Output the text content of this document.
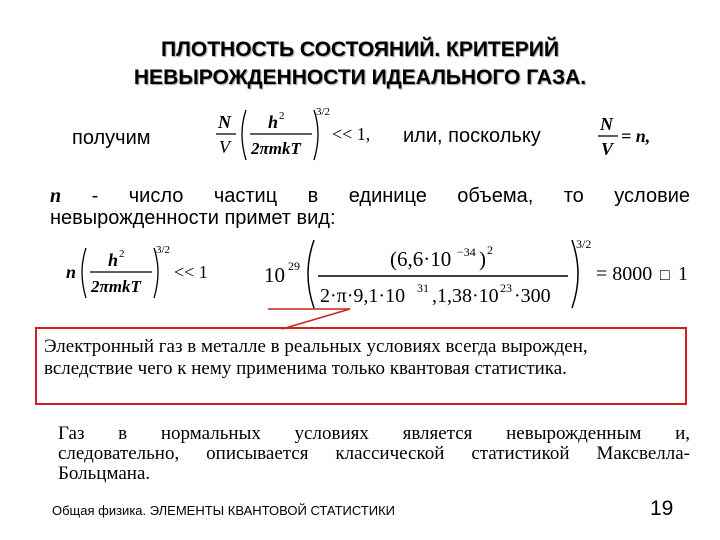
ПЛОТНОСТЬ СОСТОЯНИЙ. КРИТЕРИЙ
НЕВЫРОЖДЕННОСТИ ИДЕАЛЬНОГО ГАЗА.
получим
N
V
h 2
2πmkT
3/2
<< 1, или, поскольку
N
V
= n,
n - число частиц в единице объема, то условие
невырожденности примет вид:
n
h 2
2πmkT
3/2
<< 1	10 29	(6,6·10 −34 ) 2
2·π·9,1·10 31 ,1,38·10 23 ·300
3/2
= 8000 □ 1
Электронный газ в металле в реальных условиях всегда вырожден, вследствие чего к нему применима только квантовая статистика.
Газ в нормальных условиях является невырожденным и,
следовательно, описывается классической статистикой Максвелла-
Больцмана.
Общая физика. ЭЛЕМЕНТЫ КВАНТОВОЙ СТАТИСТИКИ	19
